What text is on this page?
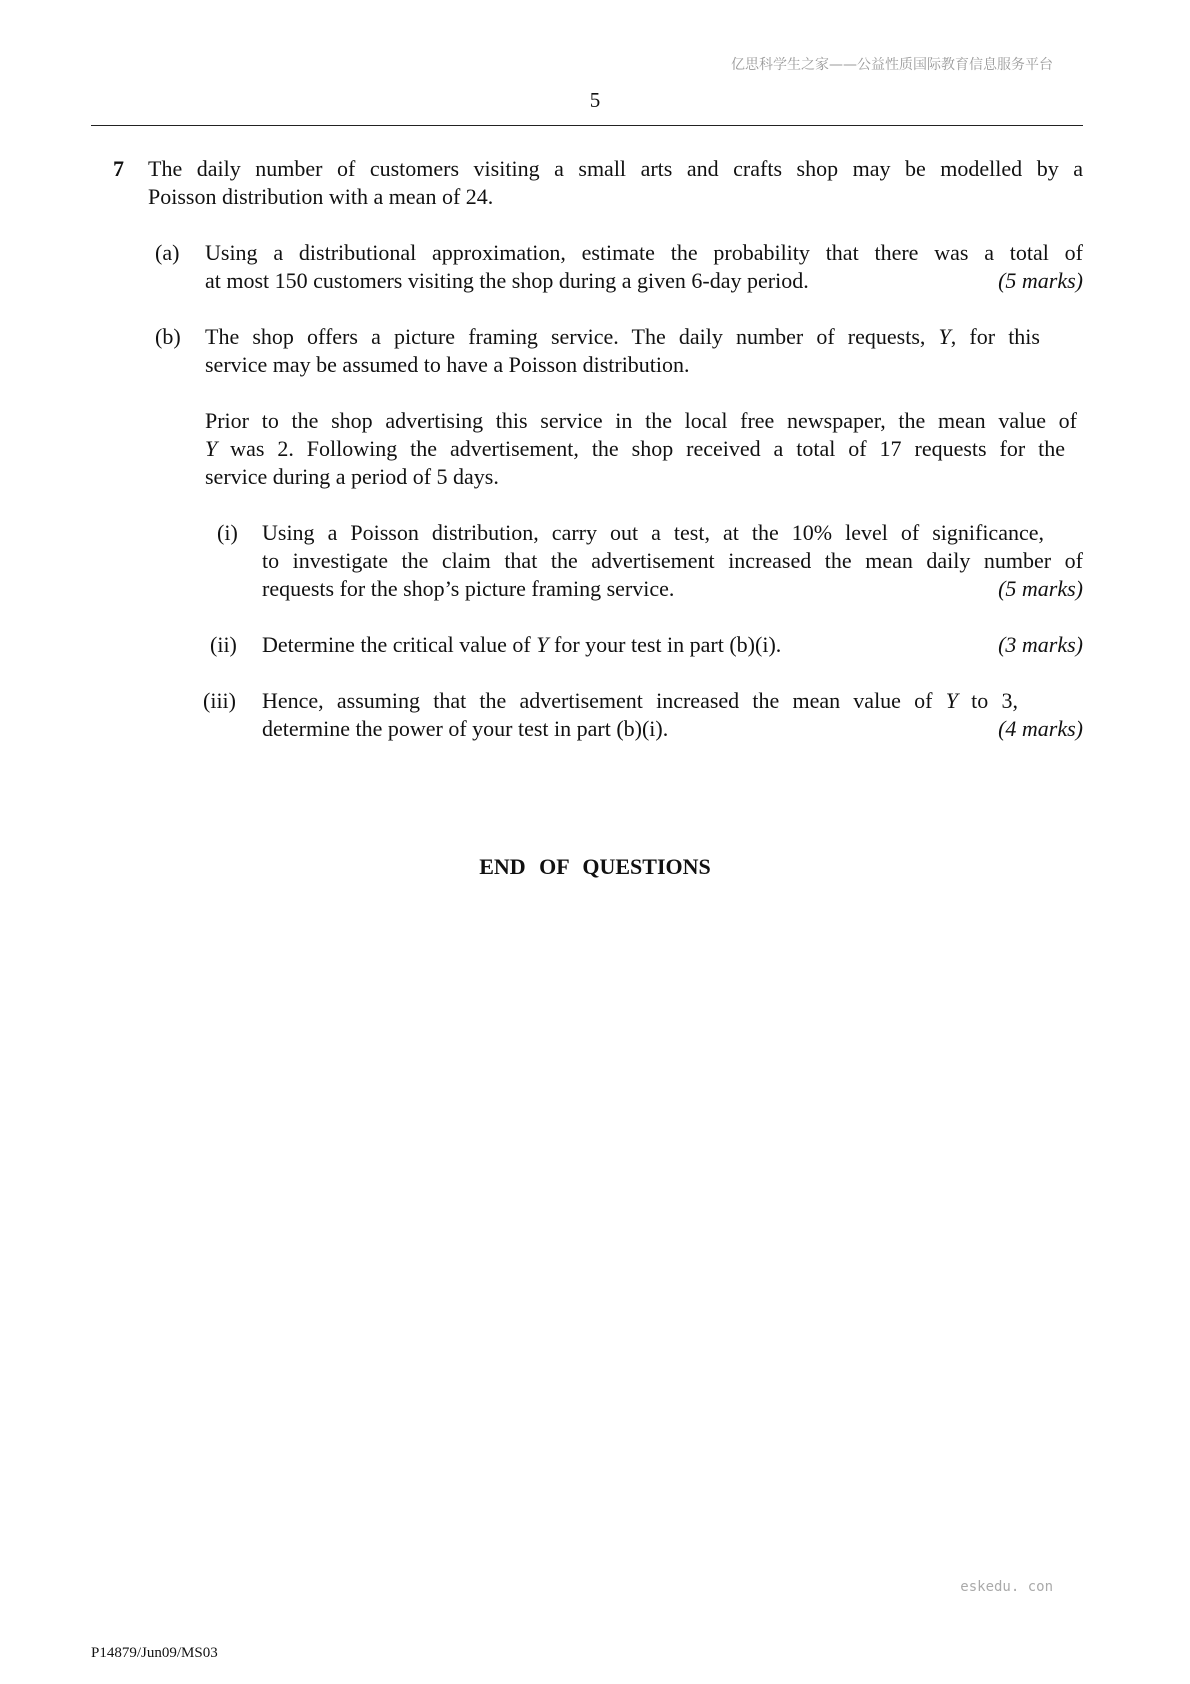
亿思科学生之家——公益性质国际教育信息服务平台
5
7 The daily number of customers visiting a small arts and crafts shop may be modelled by a
Poisson distribution with a mean of 24.
(a) Using a distributional approximation, estimate the probability that there was a total of
at most 150 customers visiting the shop during a given 6-day period.	(5 marks)
(b) The shop offers a picture framing service. The daily number of requests, Y, for this
service may be assumed to have a Poisson distribution.
Prior to the shop advertising this service in the local free newspaper, the mean value of
Y was 2. Following the advertisement, the shop received a total of 17 requests for the
service during a period of 5 days.
(i) Using a Poisson distribution, carry out a test, at the 10% level of significance,
to investigate the claim that the advertisement increased the mean daily number of
requests for the shop’s picture framing service.	(5 marks)
(ii) Determine the critical value of Y for your test in part (b)(i).	(3 marks)
(iii) Hence, assuming that the advertisement increased the mean value of Y to 3,
determine the power of your test in part (b)(i).	(4 marks)
END OF QUESTIONS
eskedu. con
P14879/Jun09/MS03
